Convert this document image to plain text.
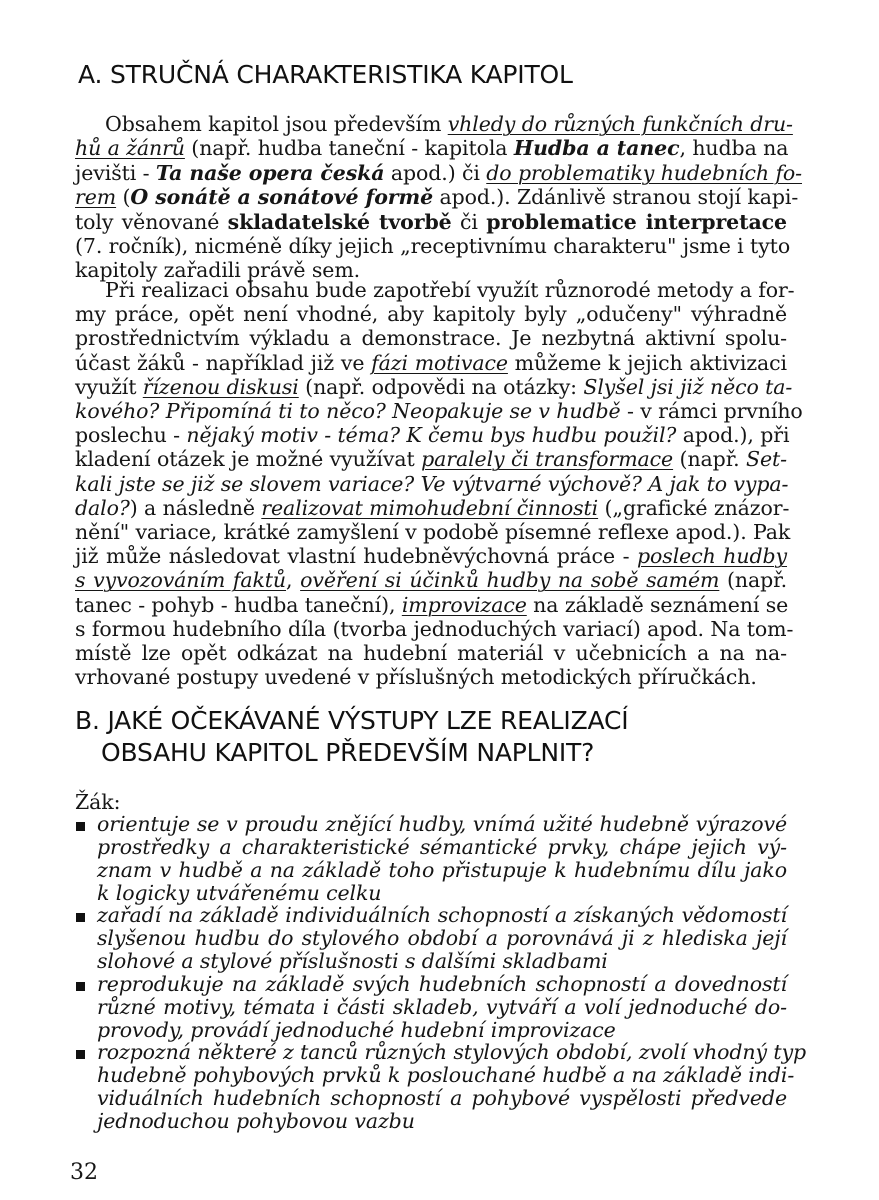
A. STRUČNÁ CHARAKTERISTIKA KAPITOL
Obsahem kapitol jsou především vhledy do různých funkčních dru-
hů a žánrů (např. hudba taneční - kapitola Hudba a tanec, hudba na
jevišti - Ta naše opera česká apod.) či do problematiky hudebních fo-
rem (O sonátě a sonátové formě apod.). Zdánlivě stranou stojí kapi-
toly věnované skladatelské tvorbě či problematice interpretace
(7. ročník), nicméně díky jejich „receptivnímu charakteru" jsme i tyto
kapitoly zařadili právě sem.
Při realizaci obsahu bude zapotřebí využít různorodé metody a for-
my práce, opět není vhodné, aby kapitoly byly „odučeny" výhradně
prostřednictvím výkladu a demonstrace. Je nezbytná aktivní spolu-
účast žáků - například již ve fázi motivace můžeme k jejich aktivizaci
využít řízenou diskusi (např. odpovědi na otázky: Slyšel jsi již něco ta-
kového? Připomíná ti to něco? Neopakuje se v hudbě - v rámci prvního
poslechu - nějaký motiv - téma? K čemu bys hudbu použil? apod.), při
kladení otázek je možné využívat paralely či transformace (např. Set-
kali jste se již se slovem variace? Ve výtvarné výchově? A jak to vypa-
dalo?) a následně realizovat mimohudební činnosti („grafické znázor-
nění" variace, krátké zamyšlení v podobě písemné reflexe apod.). Pak
již může následovat vlastní hudebněvýchovná práce - poslech hudby
s vyvozováním faktů, ověření si účinků hudby na sobě samém (např.
tanec - pohyb - hudba taneční), improvizace na základě seznámení se
s formou hudebního díla (tvorba jednoduchých variací) apod. Na tom-
místě lze opět odkázat na hudební materiál v učebnicích a na na-
vrhované postupy uvedené v příslušných metodických příručkách.
B. JAKÉ OČEKÁVANÉ VÝSTUPY LZE REALIZACÍ
OBSAHU KAPITOL PŘEDEVŠÍM NAPLNIT?
Žák:
orientuje se v proudu znějící hudby, vnímá užité hudebně výrazové
prostředky a charakteristické sémantické prvky, chápe jejich vý-
znam v hudbě a na základě toho přistupuje k hudebnímu dílu jako
k logicky utvářenému celku
zařadí na základě individuálních schopností a získaných vědomostí
slyšenou hudbu do stylového období a porovnává ji z hlediska její
slohové a stylové příslušnosti s dalšími skladbami
reprodukuje na základě svých hudebních schopností a dovedností
různé motivy, témata i části skladeb, vytváří a volí jednoduché do-
provody, provádí jednoduché hudební improvizace
rozpozná některé z tanců různých stylových období, zvolí vhodný typ
hudebně pohybových prvků k poslouchané hudbě a na základě indi-
viduálních hudebních schopností a pohybové vyspělosti předvede
jednoduchou pohybovou vazbu
32
